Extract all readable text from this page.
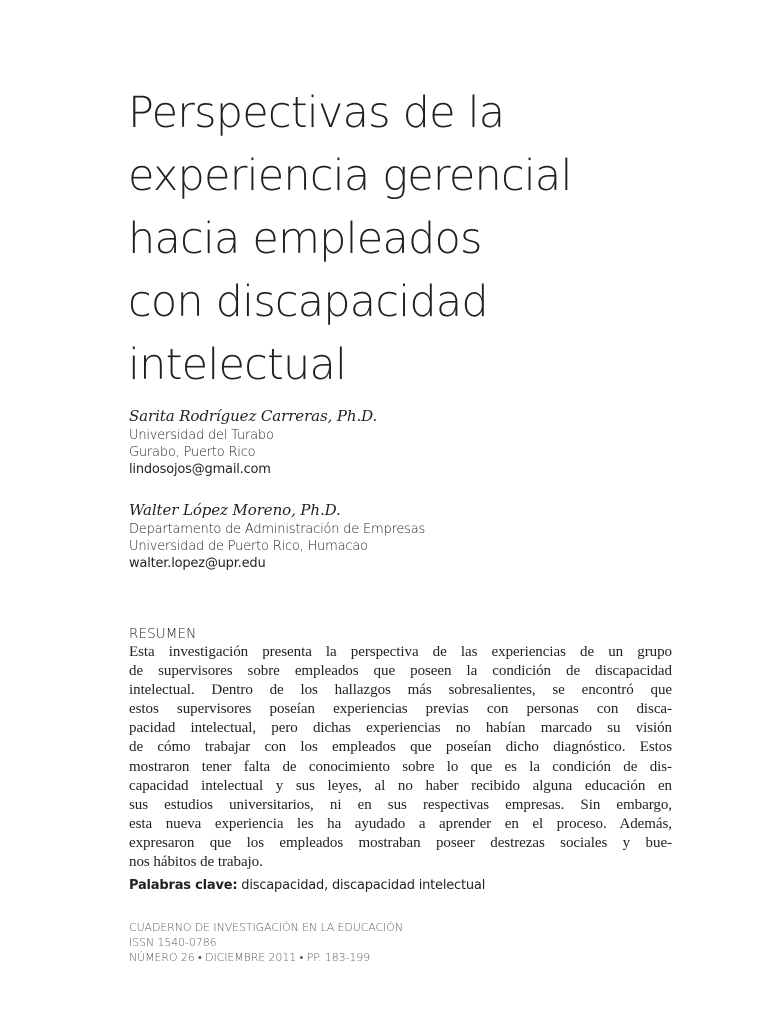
Perspectivas de la
experiencia gerencial
hacia empleados
con discapacidad
intelectual
Sarita Rodríguez Carreras, Ph.D.
Universidad del Turabo
Gurabo, Puerto Rico
lindosojos@gmail.com
Walter López Moreno, Ph.D.
Departamento de Administración de Empresas
Universidad de Puerto Rico, Humacao
walter.lopez@upr.edu
RESUMEN
Esta investigación presenta la perspectiva de las experiencias de un grupo
de supervisores sobre empleados que poseen la condición de discapacidad
intelectual. Dentro de los hallazgos más sobresalientes, se encontró que
estos supervisores poseían experiencias previas con personas con disca-
pacidad intelectual, pero dichas experiencias no habían marcado su visión
de cómo trabajar con los empleados que poseían dicho diagnóstico. Estos
mostraron tener falta de conocimiento sobre lo que es la condición de dis-
capacidad intelectual y sus leyes, al no haber recibido alguna educación en
sus estudios universitarios, ni en sus respectivas empresas. Sin embargo,
esta nueva experiencia les ha ayudado a aprender en el proceso. Además,
expresaron que los empleados mostraban poseer destrezas sociales y bue-
nos hábitos de trabajo.
Palabras clave: discapacidad, discapacidad intelectual
CUADERNO DE INVESTIGACIÓN EN LA EDUCACIÓN
ISSN 1540-0786
NÚMERO 26 • DICIEMBRE 2011 • PP. 183-199
